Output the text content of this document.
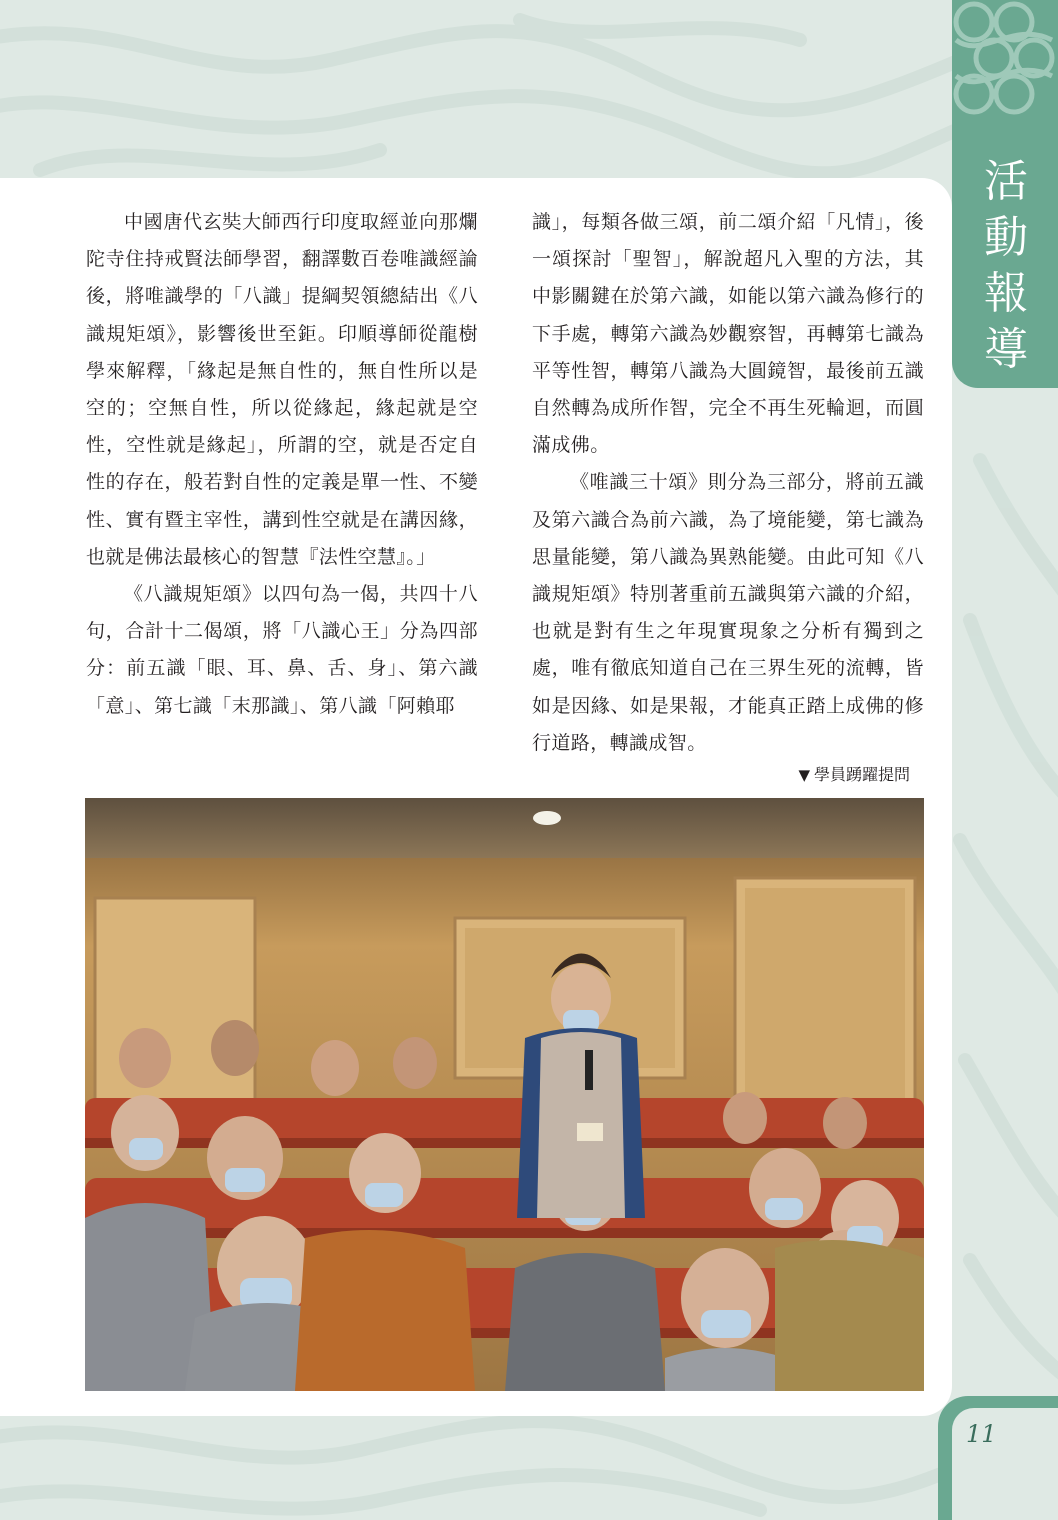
活
動
報
導

中國唐代玄奘大師西行印度取經並向那爛陀寺住持戒賢法師學習，翻譯數百卷唯識經論後，將唯識學的「八識」提綱契領總結出《八識規矩頌》，影響後世至鉅。印順導師從龍樹學來解釋，「緣起是無自性的，無自性所以是空的；空無自性，所以從緣起，緣起就是空性，空性就是緣起」，所謂的空，就是否定自性的存在，般若對自性的定義是單一性、不變性、實有暨主宰性，講到性空就是在講因緣，也就是佛法最核心的智慧『法性空慧』。」

《八識規矩頌》以四句為一偈，共四十八句，合計十二偈頌，將「八識心王」分為四部分：前五識「眼、耳、鼻、舌、身」、第六識「意」、第七識「末那識」、第八識「阿賴耶

識」，每類各做三頌，前二頌介紹「凡情」，後一頌探討「聖智」，解說超凡入聖的方法，其中影關鍵在於第六識，如能以第六識為修行的下手處，轉第六識為妙觀察智，再轉第七識為平等性智，轉第八識為大圓鏡智，最後前五識自然轉為成所作智，完全不再生死輪迴，而圓滿成佛。

《唯識三十頌》則分為三部分，將前五識及第六識合為前六識，為了境能變，第七識為思量能變，第八識為異熟能變。由此可知《八識規矩頌》特別著重前五識與第六識的介紹，也就是對有生之年現實現象之分析有獨到之處，唯有徹底知道自己在三界生死的流轉，皆如是因緣、如是果報，才能真正踏上成佛的修行道路，轉識成智。

▼ 學員踴躍提問
11
